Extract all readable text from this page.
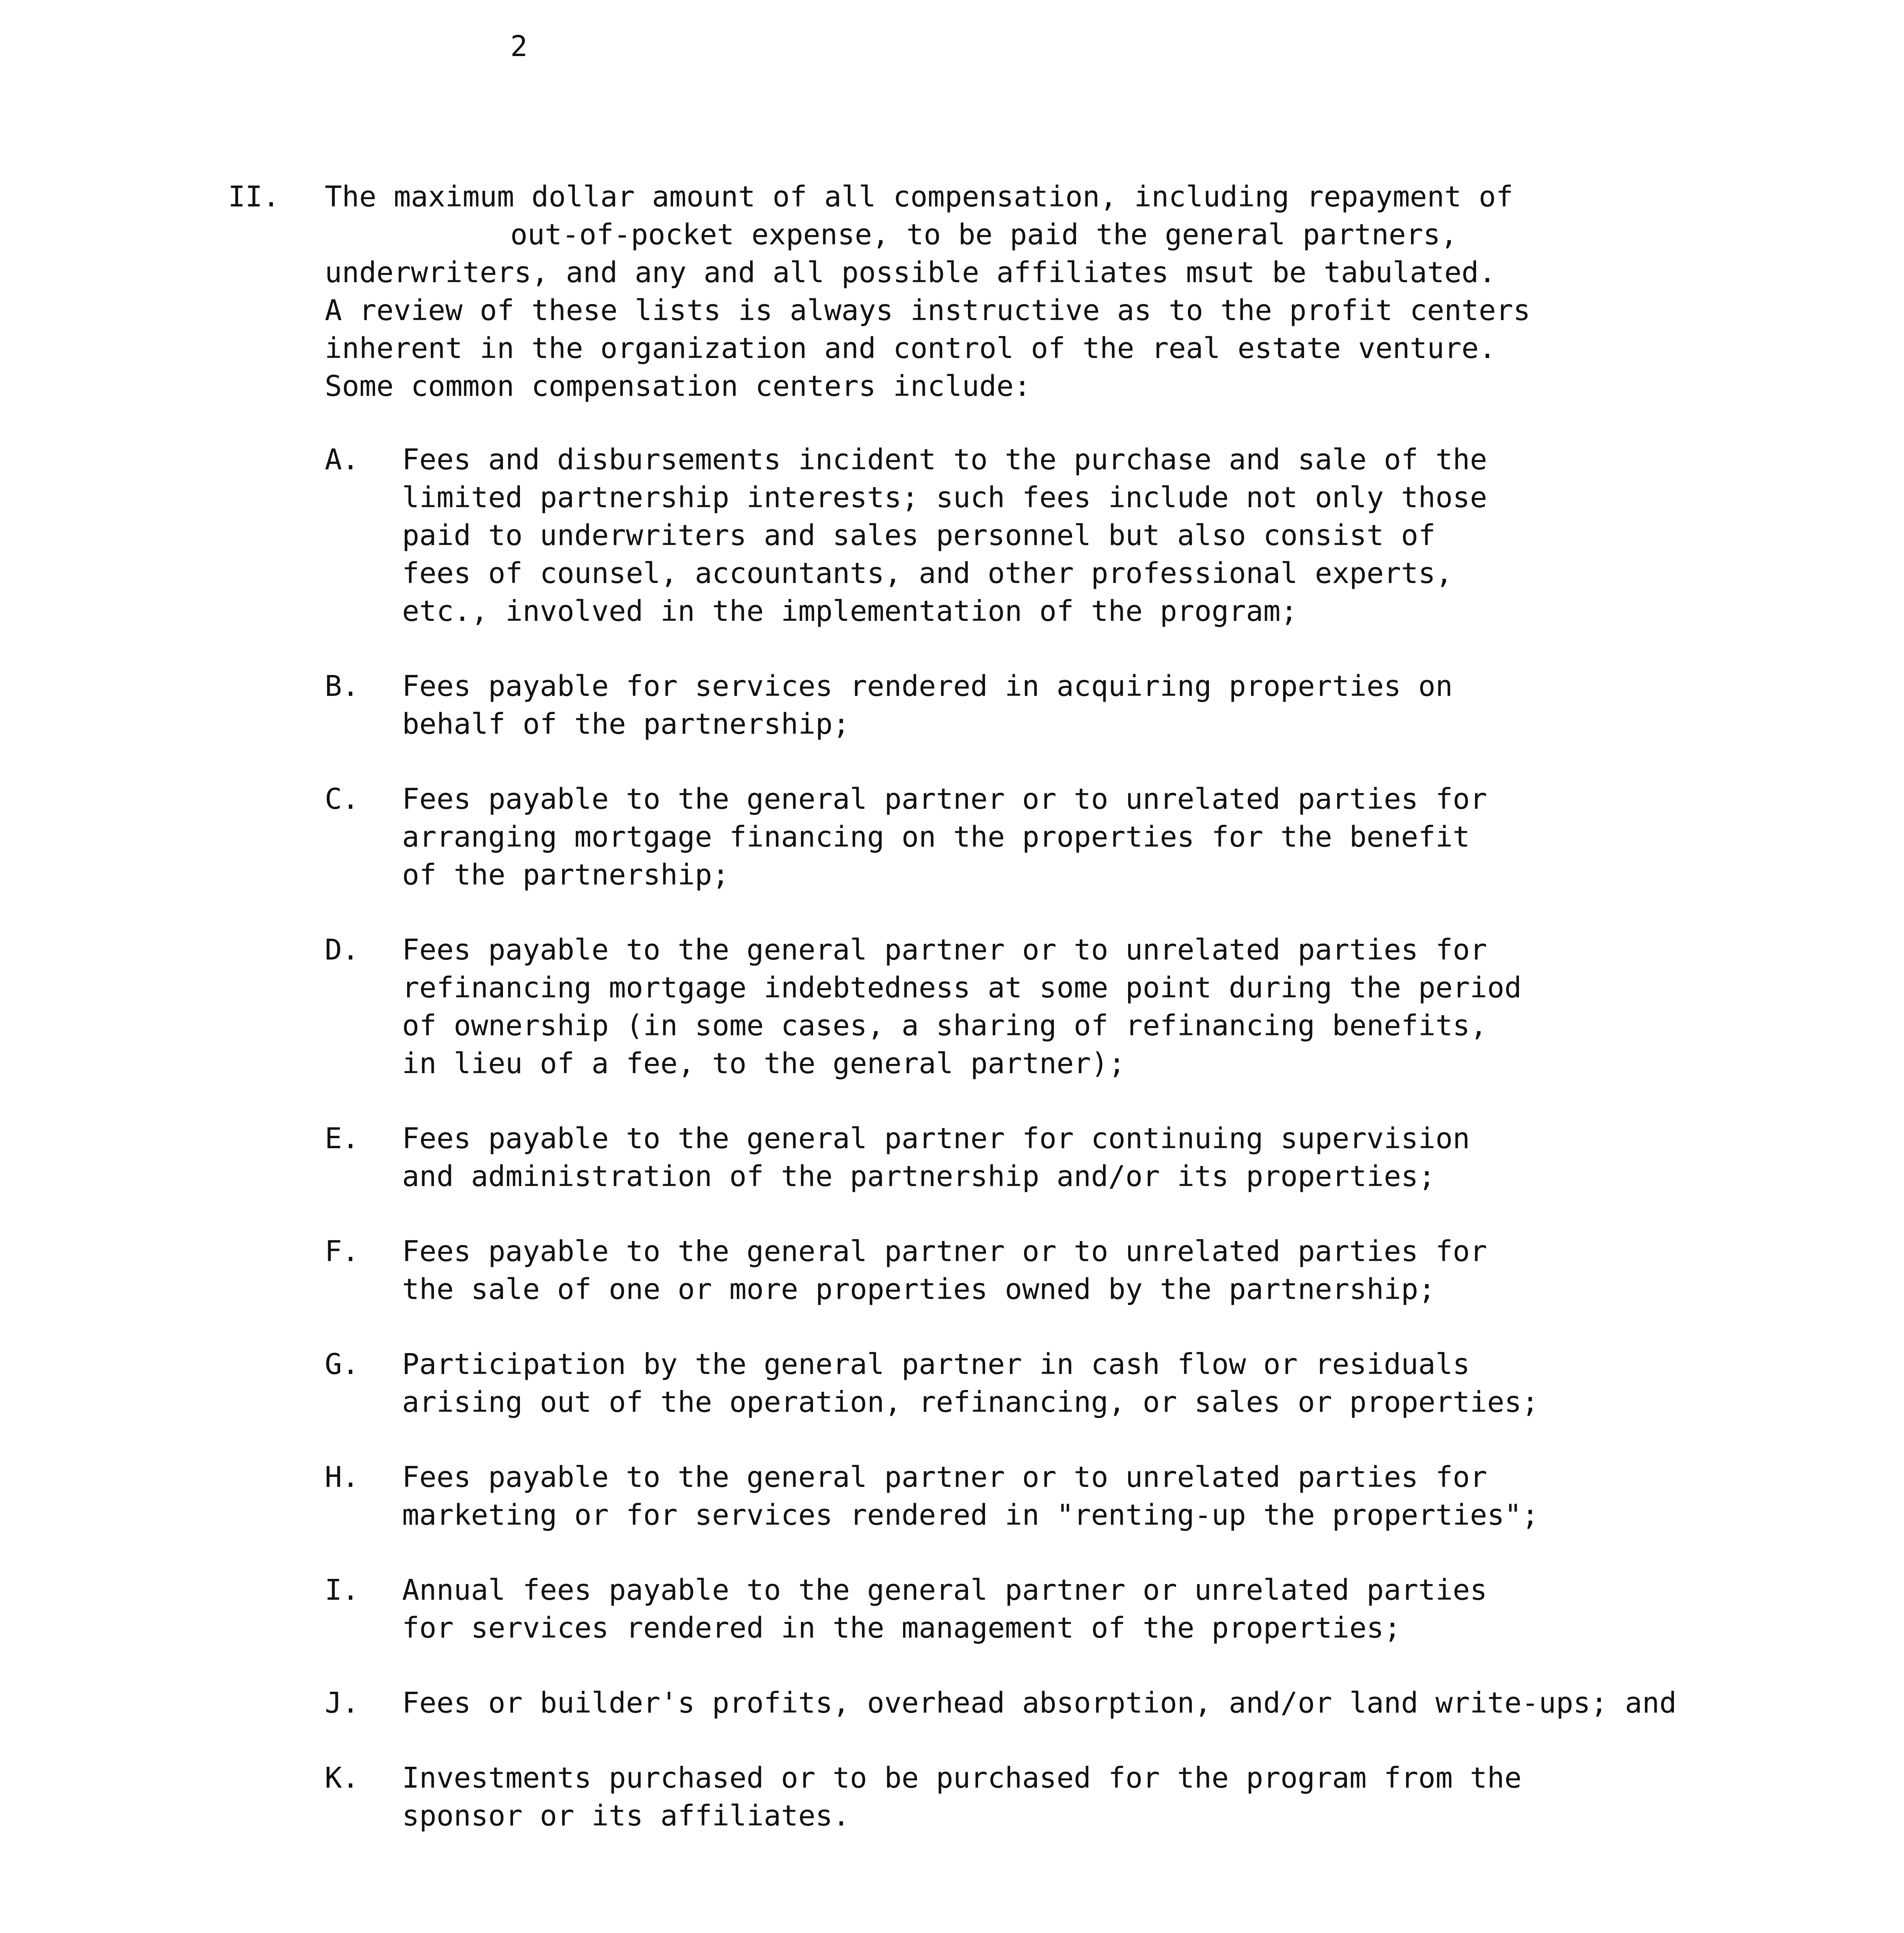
2
II. The maximum dollar amount of all compensation, including repayment of
out-of-pocket expense, to be paid the general partners,
underwriters, and any and all possible affiliates msut be tabulated.
A review of these lists is always instructive as to the profit centers
inherent in the organization and control of the real estate venture.
Some common compensation centers include:
A. Fees and disbursements incident to the purchase and sale of the
limited partnership interests; such fees include not only those
paid to underwriters and sales personnel but also consist of
fees of counsel, accountants, and other professional experts,
etc., involved in the implementation of the program;
B. Fees payable for services rendered in acquiring properties on
behalf of the partnership;
C. Fees payable to the general partner or to unrelated parties for
arranging mortgage financing on the properties for the benefit
of the partnership;
D. Fees payable to the general partner or to unrelated parties for
refinancing mortgage indebtedness at some point during the period
of ownership (in some cases, a sharing of refinancing benefits,
in lieu of a fee, to the general partner);
E. Fees payable to the general partner for continuing supervision
and administration of the partnership and/or its properties;
F. Fees payable to the general partner or to unrelated parties for
the sale of one or more properties owned by the partnership;
G. Participation by the general partner in cash flow or residuals
arising out of the operation, refinancing, or sales or properties;
H. Fees payable to the general partner or to unrelated parties for
marketing or for services rendered in "renting-up the properties";
I. Annual fees payable to the general partner or unrelated parties
for services rendered in the management of the properties;
J. Fees or builder's profits, overhead absorption, and/or land write-ups; and
K. Investments purchased or to be purchased for the program from the
sponsor or its affiliates.
